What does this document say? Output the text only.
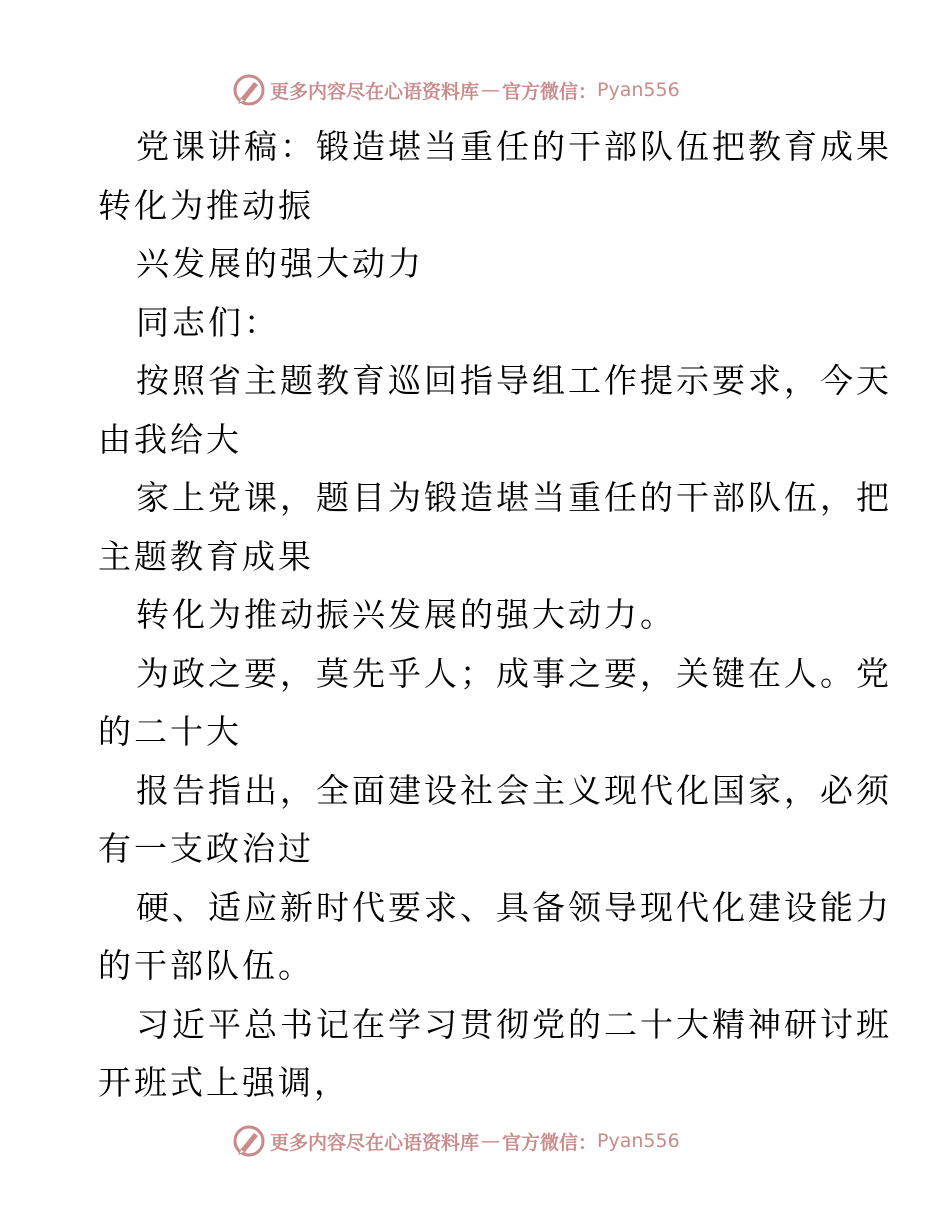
更多内容尽在心语资料库 — 官方微信： Pyan556
党课讲稿：锻造堪当重任的干部队伍把教育成果
转化为推动振
兴发展的强大动力
同志们：
按照省主题教育巡回指导组工作提示要求，今天
由我给大
家上党课，题目为锻造堪当重任的干部队伍，把
主题教育成果
转化为推动振兴发展的强大动力。
为政之要，莫先乎人；成事之要，关键在人。党
的二十大
报告指出，全面建设社会主义现代化国家，必须
有一支政治过
硬、适应新时代要求、具备领导现代化建设能力
的干部队伍。
习近平总书记在学习贯彻党的二十大精神研讨班
开班式上强调，
更多内容尽在心语资料库 — 官方微信： Pyan556
